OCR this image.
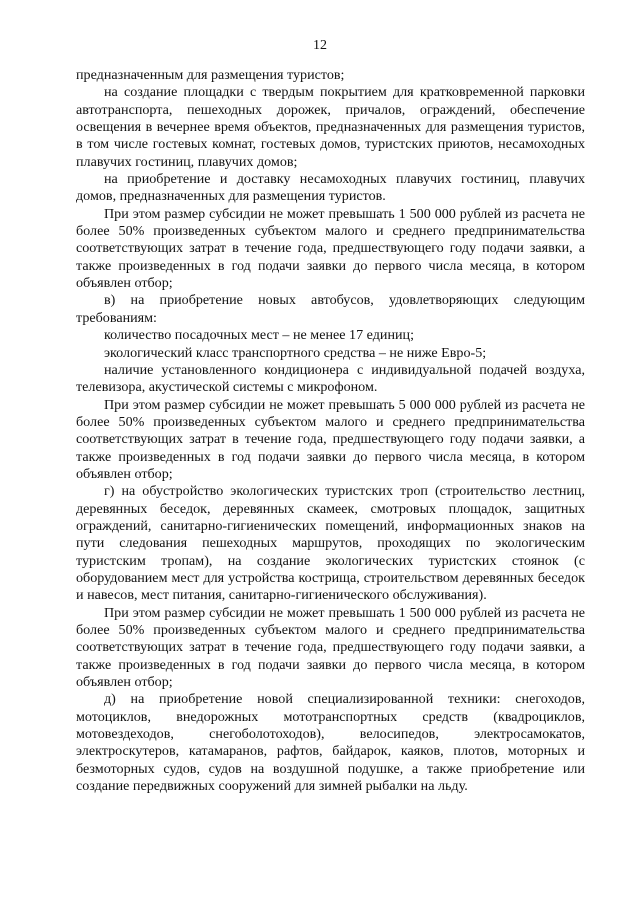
12

предназначенным для размещения туристов;

на создание площадки с твердым покрытием для кратковременной парковки автотранспорта, пешеходных дорожек, причалов, ограждений, обеспечение освещения в вечернее время объектов, предназначенных для размещения туристов, в том числе гостевых комнат, гостевых домов, туристских приютов, несамоходных плавучих гостиниц, плавучих домов;

на приобретение и доставку несамоходных плавучих гостиниц, плавучих домов, предназначенных для размещения туристов.

При этом размер субсидии не может превышать 1 500 000 рублей из расчета не более 50% произведенных субъектом малого и среднего предпринимательства соответствующих затрат в течение года, предшествующего году подачи заявки, а также произведенных в год подачи заявки до первого числа месяца, в котором объявлен отбор;

в) на приобретение новых автобусов, удовлетворяющих следующим требованиям:

количество посадочных мест – не менее 17 единиц;

экологический класс транспортного средства – не ниже Евро-5;

наличие установленного кондиционера с индивидуальной подачей воздуха, телевизора, акустической системы с микрофоном.

При этом размер субсидии не может превышать 5 000 000 рублей из расчета не более 50% произведенных субъектом малого и среднего предпринимательства соответствующих затрат в течение года, предшествующего году подачи заявки, а также произведенных в год подачи заявки до первого числа месяца, в котором объявлен отбор;

г) на обустройство экологических туристских троп (строительство лестниц, деревянных беседок, деревянных скамеек, смотровых площадок, защитных ограждений, санитарно-гигиенических помещений, информационных знаков на пути следования пешеходных маршрутов, проходящих по экологическим туристским тропам), на создание экологических туристских стоянок (с оборудованием мест для устройства кострища, строительством деревянных беседок и навесов, мест питания, санитарно-гигиенического обслуживания).

При этом размер субсидии не может превышать 1 500 000 рублей из расчета не более 50% произведенных субъектом малого и среднего предпринимательства соответствующих затрат в течение года, предшествующего году подачи заявки, а также произведенных в год подачи заявки до первого числа месяца, в котором объявлен отбор;

д) на приобретение новой специализированной техники: снегоходов, мотоциклов, внедорожных мототранспортных средств (квадроциклов, мотовездеходов, снегоболотоходов), велосипедов, электросамокатов, электроскутеров, катамаранов, рафтов, байдарок, каяков, плотов, моторных и безмоторных судов, судов на воздушной подушке, а также приобретение или создание передвижных сооружений для зимней рыбалки на льду.
